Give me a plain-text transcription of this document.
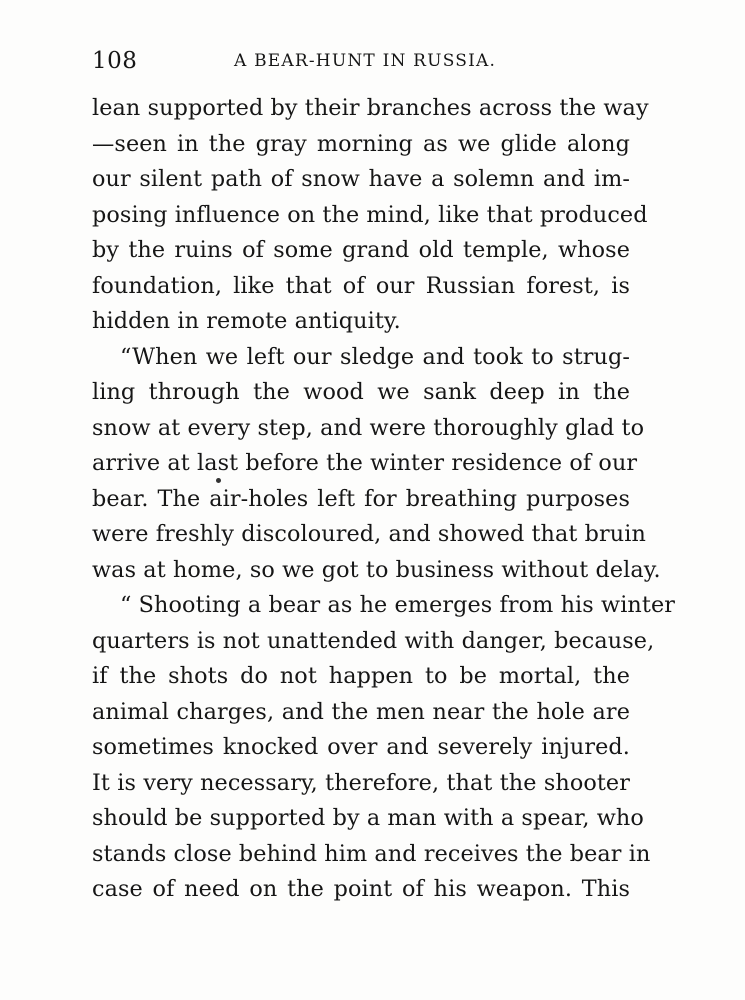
108	A BEAR-HUNT IN RUSSIA.
lean supported by their branches across the way
—seen in the gray morning as we glide along
our silent path of snow have a solemn and im-
posing influence on the mind, like that produced
by the ruins of some grand old temple, whose
foundation, like that of our Russian forest, is
hidden in remote antiquity.
“When we left our sledge and took to strug-
ling through the wood we sank deep in the
snow at every step, and were thoroughly glad to
arrive at last before the winter residence of our
bear. The air-holes left for breathing purposes
were freshly discoloured, and showed that bruin
was at home, so we got to business without delay.
“ Shooting a bear as he emerges from his winter
quarters is not unattended with danger, because,
if the shots do not happen to be mortal, the
animal charges, and the men near the hole are
sometimes knocked over and severely injured.
It is very necessary, therefore, that the shooter
should be supported by a man with a spear, who
stands close behind him and receives the bear in
case of need on the point of his weapon. This
